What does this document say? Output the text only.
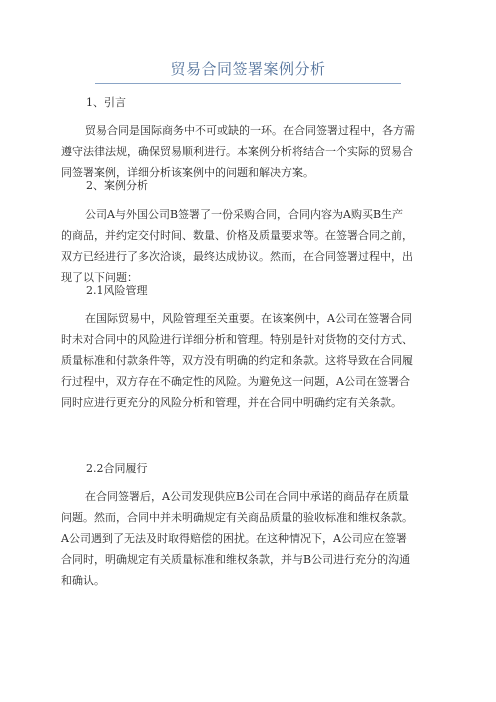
贸易合同签署案例分析
1、引言
贸易合同是国际商务中不可或缺的一环。在合同签署过程中，各方需
遵守法律法规，确保贸易顺利进行。本案例分析将结合一个实际的贸易合
同签署案例，详细分析该案例中的问题和解决方案。
2、案例分析
公司A与外国公司B签署了一份采购合同，合同内容为A购买B生产
的商品，并约定交付时间、数量、价格及质量要求等。在签署合同之前，
双方已经进行了多次洽谈，最终达成协议。然而，在合同签署过程中，出
现了以下问题：
2.1风险管理
在国际贸易中，风险管理至关重要。在该案例中，A公司在签署合同
时未对合同中的风险进行详细分析和管理。特别是针对货物的交付方式、
质量标准和付款条件等，双方没有明确的约定和条款。这将导致在合同履
行过程中，双方存在不确定性的风险。为避免这一问题，A公司在签署合
同时应进行更充分的风险分析和管理，并在合同中明确约定有关条款。
2.2合同履行
在合同签署后，A公司发现供应B公司在合同中承诺的商品存在质量
问题。然而，合同中并未明确规定有关商品质量的验收标准和维权条款。
A公司遇到了无法及时取得赔偿的困扰。在这种情况下，A公司应在签署
合同时，明确规定有关质量标准和维权条款，并与B公司进行充分的沟通
和确认。
